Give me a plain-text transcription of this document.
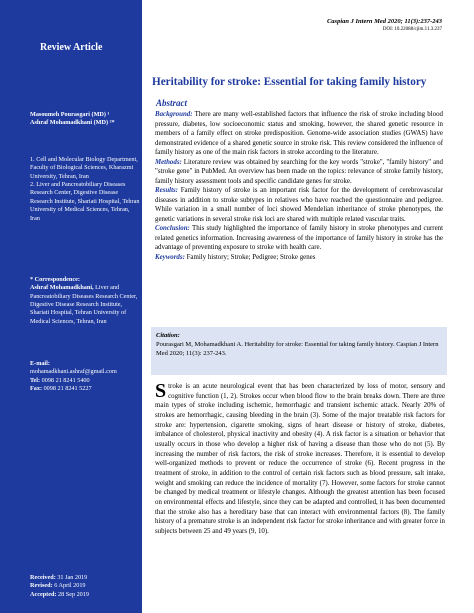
Review Article
Masoumeh Pourasgari (MD) ¹
Ashraf Mohamadkhani (MD) ²*
1. Cell and Molecular Biology Department, Faculty of Biological Sciences, Kharazmi University, Tehran, Iran
2. Liver and Pancreatobiliary Diseases Research Center, Digestive Disease Research Institute, Shariati Hospital, Tehran University of Medical Sciences, Tehran, Iran
* Correspondence:
Ashraf Mohamadkhani, Liver and Pancreatobiliary Diseases Research Center, Digestive Disease Research Institute, Shariati Hospital, Tehran University of Medical Sciences, Tehran, Iran
E-mail:
mohamadkhani.ashraf@gmail.com
Tel: 0098 21 8241 5400
Fax: 0098 21 8241 5227
Received: 31 Jan 2019
Revised: 6 April 2019
Accepted: 28 Sep 2019
Caspian J Intern Med 2020; 11(3):237-243
DOI: 10.22088/cjim.11.3.237
Heritability for stroke: Essential for taking family history
Abstract

Background: There are many well-established factors that influence the risk of stroke including blood pressure, diabetes, low socioeconomic status and smoking, however, the shared genetic resource in members of a family effect on stroke predisposition. Genome-wide association studies (GWAS) have demonstrated evidence of a shared genetic source in stroke risk. This review considered the influence of family history as one of the main risk factors in stroke according to the literature.

Methods: Literature review was obtained by searching for the key words "stroke", "family history" and "stroke gene" in PubMed. An overview has been made on the topics: relevance of stroke family history, family history assessment tools and specific candidate genes for stroke.

Results: Family history of stroke is an important risk factor for the development of cerebrovascular diseases in addition to stroke subtypes in relatives who have reached the questionnaire and pedigree. While variation in a small number of loci showed Mendelian inheritance of stroke phenotypes, the genetic variations in several stroke risk loci are shared with multiple related vascular traits.

Conclusion: This study highlighted the importance of family history in stroke phenotypes and current related genetics information. Increasing awareness of the importance of family history in stroke has the advantage of preventing exposure to stroke with health care.

Keywords: Family history; Stroke; Pedigree; Stroke genes

Citation:
Pourasgari M, Mohamadkhani A. Heritability for stroke: Essential for taking family history. Caspian J Intern Med 2020; 11(3): 237-243.

Stroke is an acute neurological event that has been characterized by loss of motor, sensory and cognitive function (1, 2). Strokes occur when blood flow to the brain breaks down. There are three main types of stroke including ischemic, hemorrhagic and transient ischemic attack. Nearly 20% of strokes are hemorrhagic, causing bleeding in the brain (3). Some of the major treatable risk factors for stroke are: hypertension, cigarette smoking, signs of heart disease or history of stroke, diabetes, imbalance of cholesterol, physical inactivity and obesity (4). A risk factor is a situation or behavior that usually occurs in those who develop a higher risk of having a disease than those who do not (5). By increasing the number of risk factors, the risk of stroke increases. Therefore, it is essential to develop well-organized methods to prevent or reduce the occurrence of stroke (6). Recent progress in the treatment of stroke, in addition to the control of certain risk factors such as blood pressure, salt intake, weight and smoking can reduce the incidence of mortality (7). However, some factors for stroke cannot be changed by medical treatment or lifestyle changes. Although the greatest attention has been focused on environmental effects and lifestyle, since they can be adapted and controlled, it has been documented that the stroke also has a hereditary base that can interact with environmental factors (8). The family history of a premature stroke is an independent risk factor for stroke inheritance and with greater force in subjects between 25 and 49 years (9, 10).
